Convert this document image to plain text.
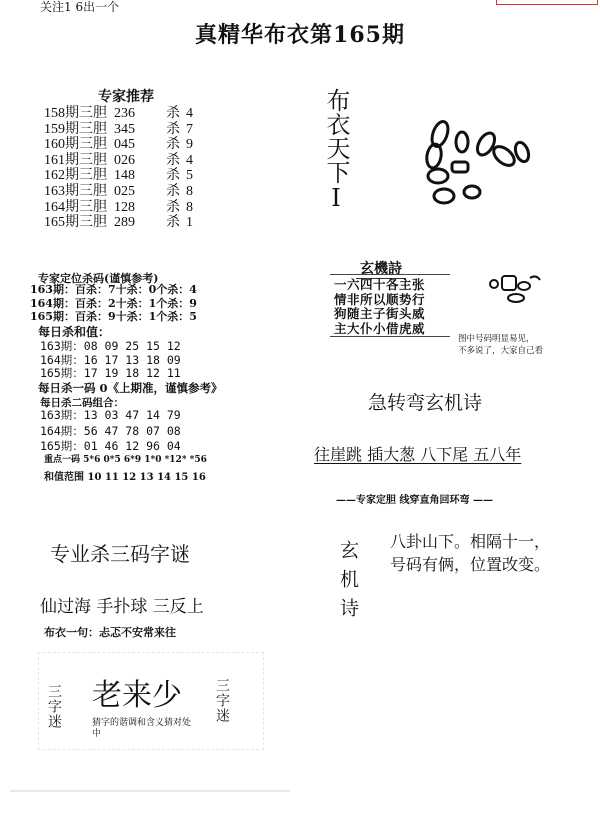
关注1 6出一个
真精华布衣第165期
专家推荐
158期三胆 236 杀 4
159期三胆 345 杀 7
160期三胆 045 杀 9
161期三胆 026 杀 4
162期三胆 148 杀 5
163期三胆 025 杀 8
164期三胆 128 杀 8
165期三胆 289 杀 1
专家定位杀码(谨慎参考)
163期：百杀：7十杀：0个杀：4
164期：百杀：2十杀：1个杀：9
165期：百杀：9十杀：1个杀：5
每日杀和值：
163期：08 09 25 15 12
164期：16 17 13 18 09
165期：17 19 18 12 11
每日杀一码 0《上期准，谨慎参考》
每日杀二码组合：
163期：13 03 47 14 79
164期：56 47 78 07 08
165期：01 46 12 96 04
重点一码 5*6 0*5 6*9 1*0 *12* *56
和值范围 10 11 12 13 14 15 16
专业杀三码字谜
仙过海 手扑球 三反上
布衣一句：忐忑不安常来往
三字迷 老来少
猜字的谐调和含义猜对处中
三字迷
布衣天下I
玄機詩
一六四十各主张
情非所以顺势行
狗随主子街头威
主大仆小借虎威
图中号码明显易见，
不多说了，大家自己看
急转弯玄机诗
往崖跳 插大葱 八下尾 五八年
——专家定胆 线穿直角回环弯 ——
玄机诗 八卦山下。相隔十一，
号码有俩，位置改变。
